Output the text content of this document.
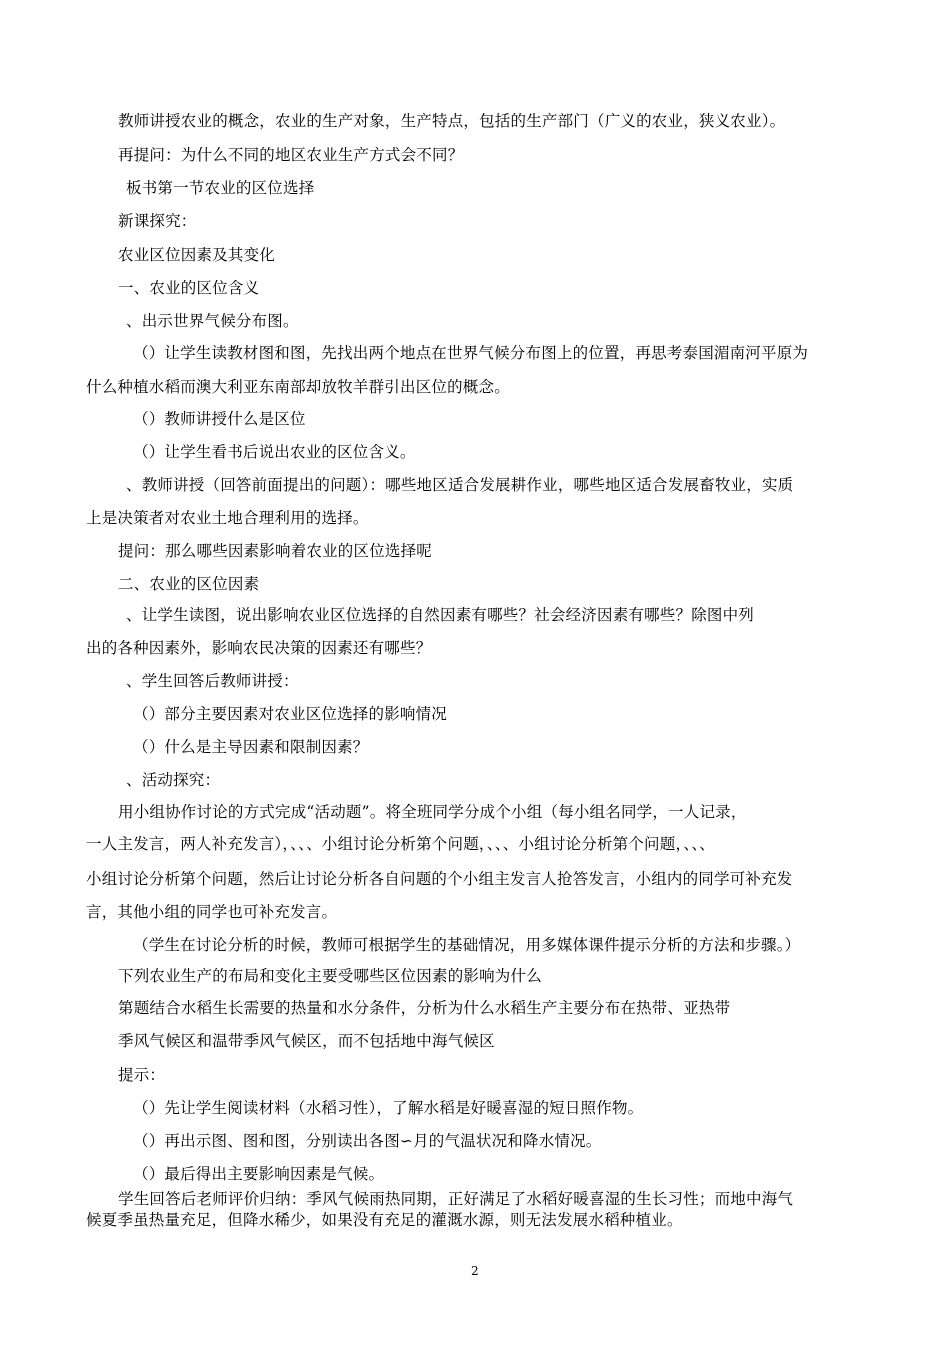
教师讲授农业的概念，农业的生产对象，生产特点，包括的生产部门（广义的农业，狭义农业）。
再提问：为什么不同的地区农业生产方式会不同？
板书第一节农业的区位选择
新课探究：
农业区位因素及其变化
一、农业的区位含义
、出示世界气候分布图。
（）让学生读教材图和图，先找出两个地点在世界气候分布图上的位置，再思考泰国湄南河平原为
什么种植水稻而澳大利亚东南部却放牧羊群引出区位的概念。
（）教师讲授什么是区位
（）让学生看书后说出农业的区位含义。
、教师讲授（回答前面提出的问题）：哪些地区适合发展耕作业，哪些地区适合发展畜牧业，实质
上是决策者对农业土地合理利用的选择。
提问：那么哪些因素影响着农业的区位选择呢
二、农业的区位因素
、让学生读图，说出影响农业区位选择的自然因素有哪些？社会经济因素有哪些？除图中列
出的各种因素外，影响农民决策的因素还有哪些？
、学生回答后教师讲授：
（）部分主要因素对农业区位选择的影响情况
（）什么是主导因素和限制因素？
、活动探究：
用小组协作讨论的方式完成“活动题”。将全班同学分成个小组（每小组名同学，一人记录，
一人主发言，两人补充发言），、、、小组讨论分析第个问题，、、、小组讨论分析第个问题，、、、
小组讨论分析第个问题，然后让讨论分析各自问题的个小组主发言人抢答发言，小组内的同学可补充发
言，其他小组的同学也可补充发言。
（学生在讨论分析的时候，教师可根据学生的基础情况，用多媒体课件提示分析的方法和步骤。）
下列农业生产的布局和变化主要受哪些区位因素的影响为什么
第题结合水稻生长需要的热量和水分条件，分析为什么水稻生产主要分布在热带、亚热带
季风气候区和温带季风气候区，而不包括地中海气候区
提示：
（）先让学生阅读材料（水稻习性），了解水稻是好暖喜湿的短日照作物。
（）再出示图、图和图，分别读出各图∽月的气温状况和降水情况。
（）最后得出主要影响因素是气候。
学生回答后老师评价归纳：季风气候雨热同期，正好满足了水稻好暖喜湿的生长习性；而地中海气
候夏季虽热量充足，但降水稀少，如果没有充足的灌溉水源，则无法发展水稻种植业。
2
